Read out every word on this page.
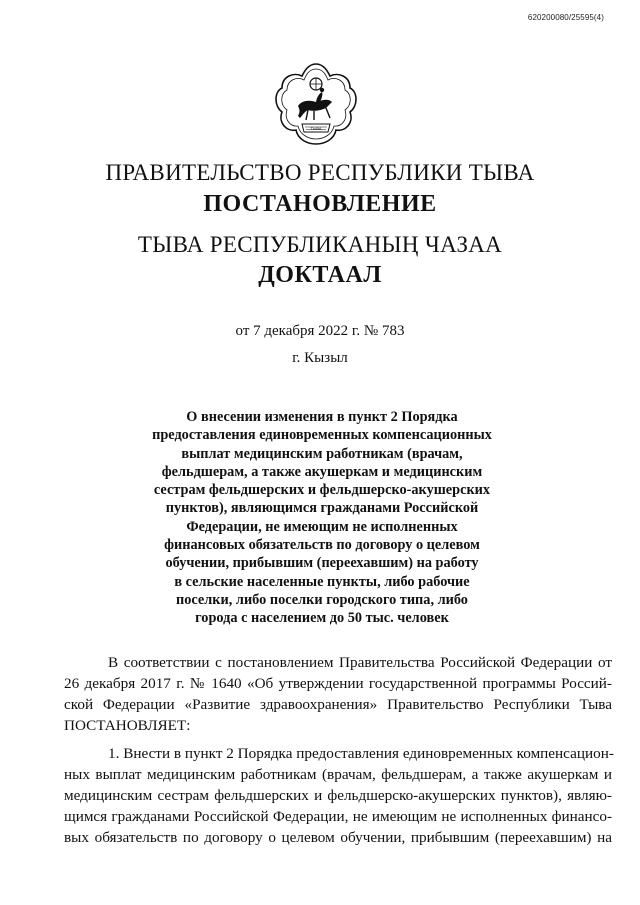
620200080/25595(4)
ТЫВА
ПРАВИТЕЛЬСТВО РЕСПУБЛИКИ ТЫВА
ПОСТАНОВЛЕНИЕ
ТЫВА РЕСПУБЛИКАНЫҢ ЧАЗАА
ДОКТААЛ
от 7 декабря 2022 г. № 783
г. Кызыл
О внесении изменения в пункт 2 Порядка
предоставления единовременных компенсационных
выплат медицинским работникам (врачам,
фельдшерам, а также акушеркам и медицинским
сестрам фельдшерских и фельдшерско-акушерских
пунктов), являющимся гражданами Российской
Федерации, не имеющим не исполненных
финансовых обязательств по договору о целевом
обучении, прибывшим (переехавшим) на работу
в сельские населенные пункты, либо рабочие
поселки, либо поселки городского типа, либо
города с населением до 50 тыс. человек
В соответствии с постановлением Правительства Российской Федерации от
26 декабря 2017 г. № 1640 «Об утверждении государственной программы Россий-
ской Федерации «Развитие здравоохранения» Правительство Республики Тыва
ПОСТАНОВЛЯЕТ:
1. Внести в пункт 2 Порядка предоставления единовременных компенсацион-
ных выплат медицинским работникам (врачам, фельдшерам, а также акушеркам и
медицинским сестрам фельдшерских и фельдшерско-акушерских пунктов), являю-
щимся гражданами Российской Федерации, не имеющим не исполненных финансо-
вых обязательств по договору о целевом обучении, прибывшим (переехавшим) на
